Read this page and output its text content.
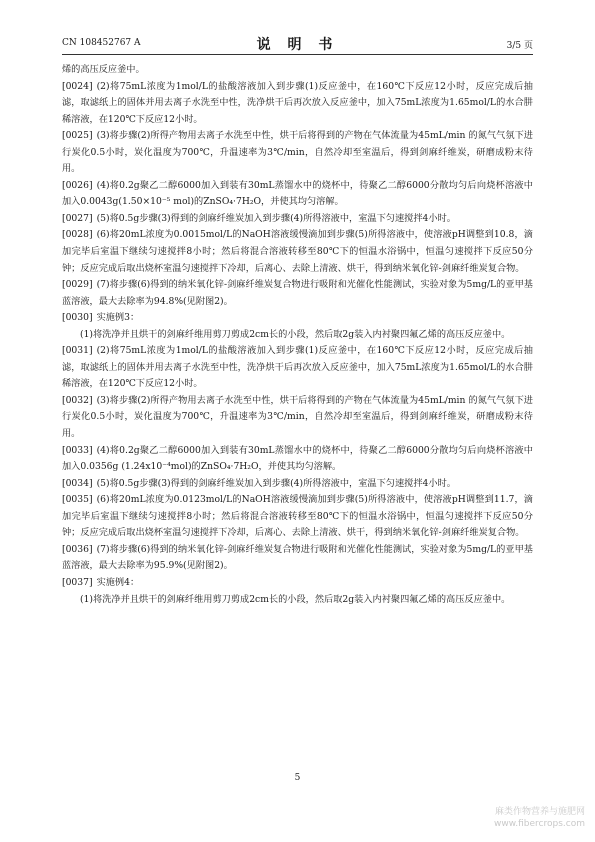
CN 108452767 A	说 明 书	3/5 页

烯的高压反应釜中。

[0024] (2)将75mL浓度为1mol/L的盐酸溶液加入到步骤(1)反应釜中，在160℃下反应12小时，反应完成后抽滤，取滤纸上的固体并用去离子水洗至中性，洗净烘干后再次放入反应釜中，加入75mL浓度为1.65mol/L的水合肼稀溶液，在120℃下反应12小时。

[0025] (3)将步骤(2)所得产物用去离子水洗至中性，烘干后将得到的产物在气体流量为45mL/min 的氮气气氛下进行炭化0.5小时，炭化温度为700℃，升温速率为3℃/min，自然冷却至室温后，得到剑麻纤维炭，研磨成粉末待用。

[0026] (4)将0.2g聚乙二醇6000加入到装有30mL蒸馏水中的烧杯中，待聚乙二醇6000分散均匀后向烧杯溶液中加入0.0043g(1.50×10⁻⁵ mol)的ZnSO₄·7H₂O，并使其均匀溶解。

[0027] (5)将0.5g步骤(3)得到的剑麻纤维炭加入到步骤(4)所得溶液中，室温下匀速搅拌4小时。

[0028] (6)将20mL浓度为0.0015mol/L的NaOH溶液缓慢滴加到步骤(5)所得溶液中，使溶液pH调整到10.8，滴加完毕后室温下继续匀速搅拌8小时；然后将混合溶液转移至80℃下的恒温水浴锅中，恒温匀速搅拌下反应50分钟；反应完成后取出烧杯室温匀速搅拌下冷却，后离心、去除上清液、烘干，得到纳米氧化锌-剑麻纤维炭复合物。

[0029] (7)将步骤(6)得到的纳米氧化锌-剑麻纤维炭复合物进行吸附和光催化性能测试，实验对象为5mg/L的亚甲基蓝溶液，最大去除率为94.8%(见附图2)。

[0030] 实施例3：

(1)将洗净并且烘干的剑麻纤维用剪刀剪成2cm长的小段，然后取2g装入内衬聚四氟乙烯的高压反应釜中。

[0031] (2)将75mL浓度为1mol/L的盐酸溶液加入到步骤(1)反应釜中，在160℃下反应12小时，反应完成后抽滤，取滤纸上的固体并用去离子水洗至中性，洗净烘干后再次放入反应釜中，加入75mL浓度为1.65mol/L的水合肼稀溶液，在120℃下反应12小时。

[0032] (3)将步骤(2)所得产物用去离子水洗至中性，烘干后将得到的产物在气体流量为45mL/min 的氮气气氛下进行炭化0.5小时，炭化温度为700℃，升温速率为3℃/min，自然冷却至室温后，得到剑麻纤维炭，研磨成粉末待用。

[0033] (4)将0.2g聚乙二醇6000加入到装有30mL蒸馏水中的烧杯中，待聚乙二醇6000分散均匀后向烧杯溶液中加入0.0356g (1.24x10⁻⁴mol)的ZnSO₄·7H₂O，并使其均匀溶解。

[0034] (5)将0.5g步骤(3)得到的剑麻纤维炭加入到步骤(4)所得溶液中，室温下匀速搅拌4小时。

[0035] (6)将20mL浓度为0.0123mol/L的NaOH溶液缓慢滴加到步骤(5)所得溶液中，使溶液pH调整到11.7，滴加完毕后室温下继续匀速搅拌8小时；然后将混合溶液转移至80℃下的恒温水浴锅中，恒温匀速搅拌下反应50分钟；反应完成后取出烧杯室温匀速搅拌下冷却，后离心、去除上清液、烘干，得到纳米氧化锌-剑麻纤维炭复合物。

[0036] (7)将步骤(6)得到的纳米氧化锌-剑麻纤维炭复合物进行吸附和光催化性能测试，实验对象为5mg/L的亚甲基蓝溶液，最大去除率为95.9%(见附图2)。

[0037] 实施例4：

(1)将洗净并且烘干的剑麻纤维用剪刀剪成2cm长的小段，然后取2g装入内衬聚四氟乙烯的高压反应釜中。

5
麻类作物营养与施肥网
www.fibercrops.com
